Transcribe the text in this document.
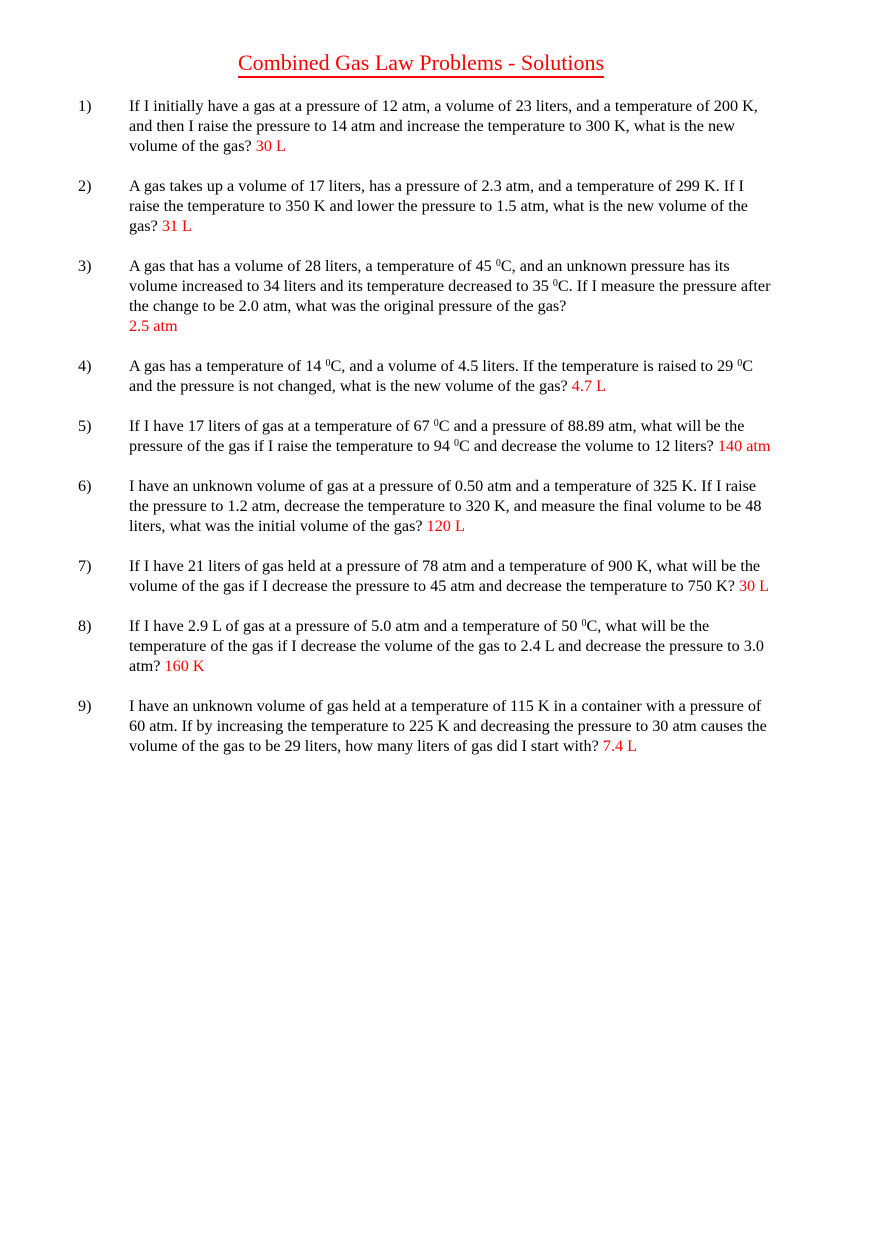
Combined Gas Law Problems - Solutions
1)	If I initially have a gas at a pressure of 12 atm, a volume of 23 liters, and a temperature of 200 K, and then I raise the pressure to 14 atm and increase the temperature to 300 K, what is the new volume of the gas? 30 L
2)	A gas takes up a volume of 17 liters, has a pressure of 2.3 atm, and a temperature of 299 K. If I raise the temperature to 350 K and lower the pressure to 1.5 atm, what is the new volume of the gas? 31 L
3)	A gas that has a volume of 28 liters, a temperature of 45 $^0$C, and an unknown pressure has its volume increased to 34 liters and its temperature decreased to 35 $^0$C. If I measure the pressure after the change to be 2.0 atm, what was the original pressure of the gas?
2.5 atm
4)	A gas has a temperature of 14 $^0$C, and a volume of 4.5 liters. If the temperature is raised to 29 $^0$C and the pressure is not changed, what is the new volume of the gas? 4.7 L
5)	If I have 17 liters of gas at a temperature of 67 $^0$C and a pressure of 88.89 atm, what will be the pressure of the gas if I raise the temperature to 94 $^0$C and decrease the volume to 12 liters? 140 atm
6)	I have an unknown volume of gas at a pressure of 0.50 atm and a temperature of 325 K. If I raise the pressure to 1.2 atm, decrease the temperature to 320 K, and measure the final volume to be 48 liters, what was the initial volume of the gas? 120 L
7)	If I have 21 liters of gas held at a pressure of 78 atm and a temperature of 900 K, what will be the volume of the gas if I decrease the pressure to 45 atm and decrease the temperature to 750 K? 30 L
8)	If I have 2.9 L of gas at a pressure of 5.0 atm and a temperature of 50 $^0$C, what will be the temperature of the gas if I decrease the volume of the gas to 2.4 L and decrease the pressure to 3.0 atm? 160 K
9)	I have an unknown volume of gas held at a temperature of 115 K in a container with a pressure of 60 atm. If by increasing the temperature to 225 K and decreasing the pressure to 30 atm causes the volume of the gas to be 29 liters, how many liters of gas did I start with? 7.4 L
